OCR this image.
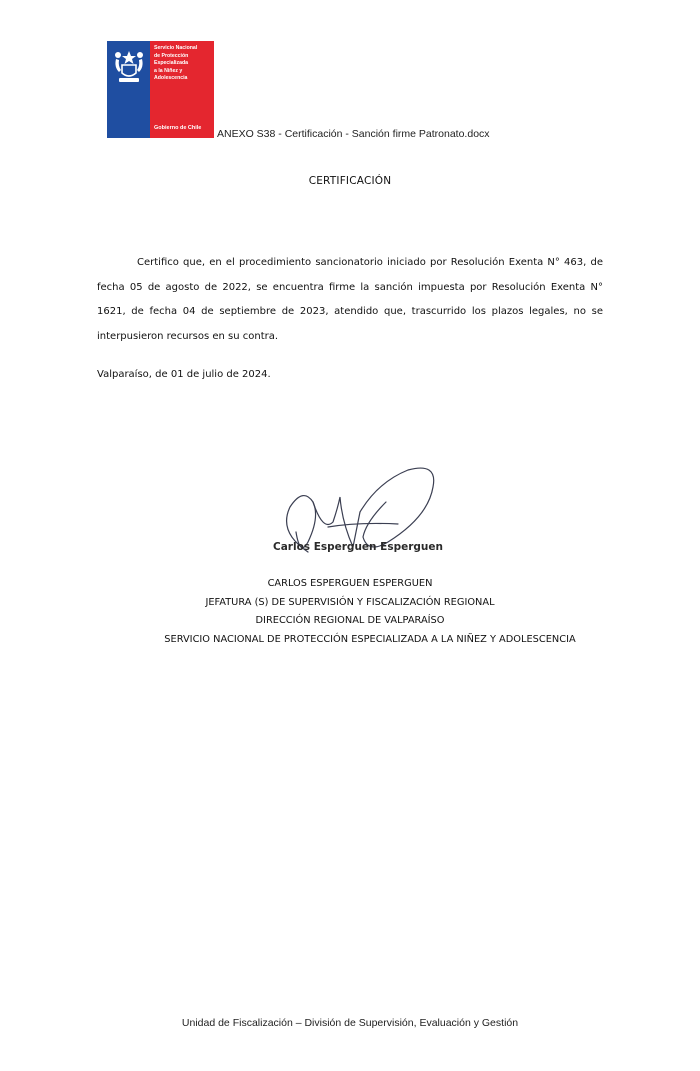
Servicio Nacional
de Protección
Especializada
a la Niñez y
Adolescencia
Gobierno de Chile ANEXO S38 - Certificación - Sanción firme Patronato.docx
CERTIFICACIÓN
Certifico que, en el procedimiento sancionatorio iniciado por Resolución Exenta N° 463, de fecha 05 de agosto de 2022, se encuentra firme la sanción impuesta por Resolución Exenta N° 1621, de fecha 04 de septiembre de 2023, atendido que, trascurrido los plazos legales, no se interpusieron recursos en su contra.
Valparaíso, de 01 de julio de 2024.
Carlos Esperguen Esperguen
CARLOS ESPERGUEN ESPERGUEN
JEFATURA (S) DE SUPERVISIÓN Y FISCALIZACIÓN REGIONAL
DIRECCIÓN REGIONAL DE VALPARAÍSO
SERVICIO NACIONAL DE PROTECCIÓN ESPECIALIZADA A LA NIÑEZ Y ADOLESCENCIA
Unidad de Fiscalización – División de Supervisión, Evaluación y Gestión
